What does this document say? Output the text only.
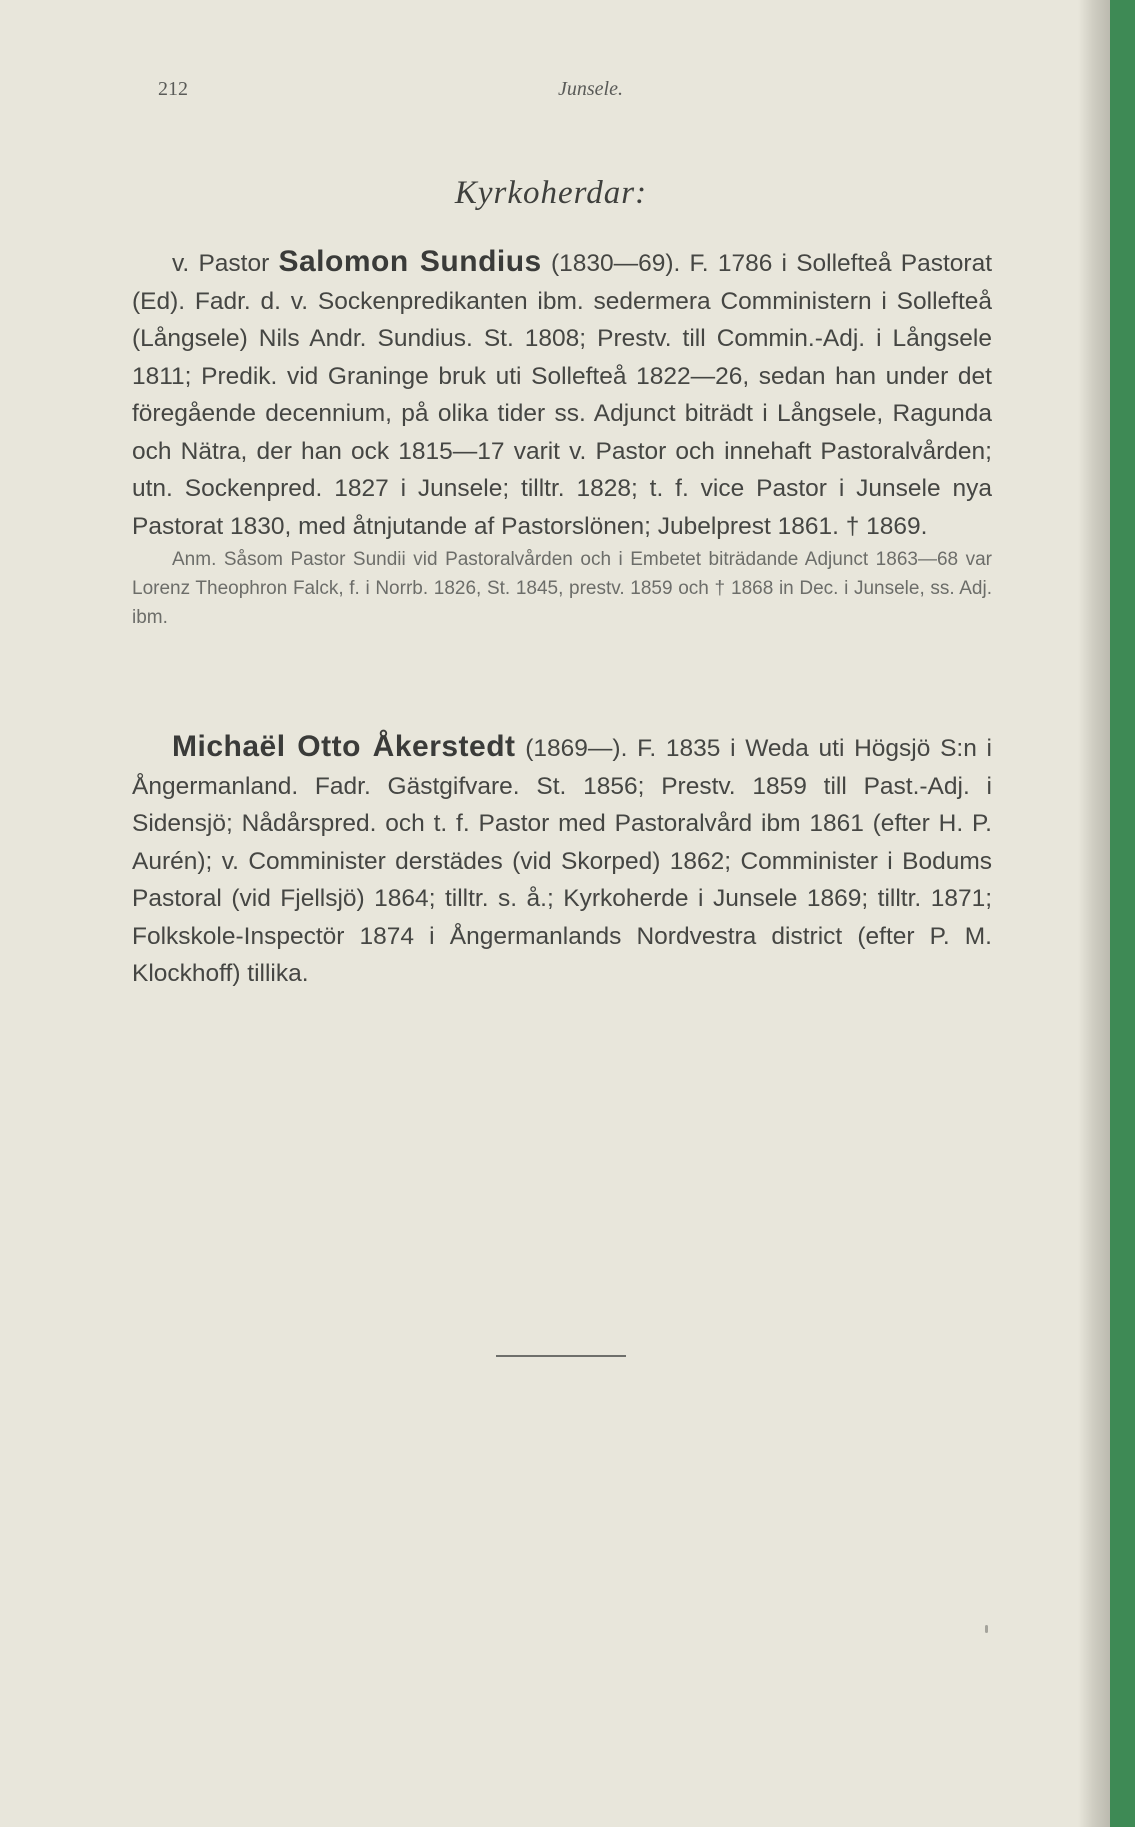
212	Junsele.
Kyrkoherdar:

v. Pastor Salomon Sundius (1830—69). F. 1786 i Sollefteå Pastorat (Ed). Fadr. d. v. Sockenpredikanten ibm. sedermera Comministern i Sollefteå (Långsele) Nils Andr. Sundius. St. 1808; Prestv. till Commin.-Adj. i Långsele 1811; Predik. vid Graninge bruk uti Sollefteå 1822—26, sedan han under det föregående decennium, på olika tider ss. Adjunct biträdt i Långsele, Ragunda och Nätra, der han ock 1815—17 varit v. Pastor och innehaft Pastoralvården; utn. Sockenpred. 1827 i Junsele; tilltr. 1828; t. f. vice Pastor i Junsele nya Pastorat 1830, med åtnjutande af Pastorslönen; Jubelprest 1861. † 1869.

Anm. Såsom Pastor Sundii vid Pastoralvården och i Embetet biträdande Adjunct 1863—68 var Lorenz Theophron Falck, f. i Norrb. 1826, St. 1845, prestv. 1859 och † 1868 in Dec. i Junsele, ss. Adj. ibm.

Michaël Otto Åkerstedt (1869—). F. 1835 i Weda uti Högsjö S:n i Ångermanland. Fadr. Gästgifvare. St. 1856; Prestv. 1859 till Past.-Adj. i Sidensjö; Nådårspred. och t. f. Pastor med Pastoralvård ibm 1861 (efter H. P. Aurén); v. Comminister derstädes (vid Skorped) 1862; Comminister i Bodums Pastoral (vid Fjellsjö) 1864; tilltr. s. å.; Kyrkoherde i Junsele 1869; tilltr. 1871; Folkskole-Inspectör 1874 i Ångermanlands Nordvestra district (efter P. M. Klockhoff) tillika.
